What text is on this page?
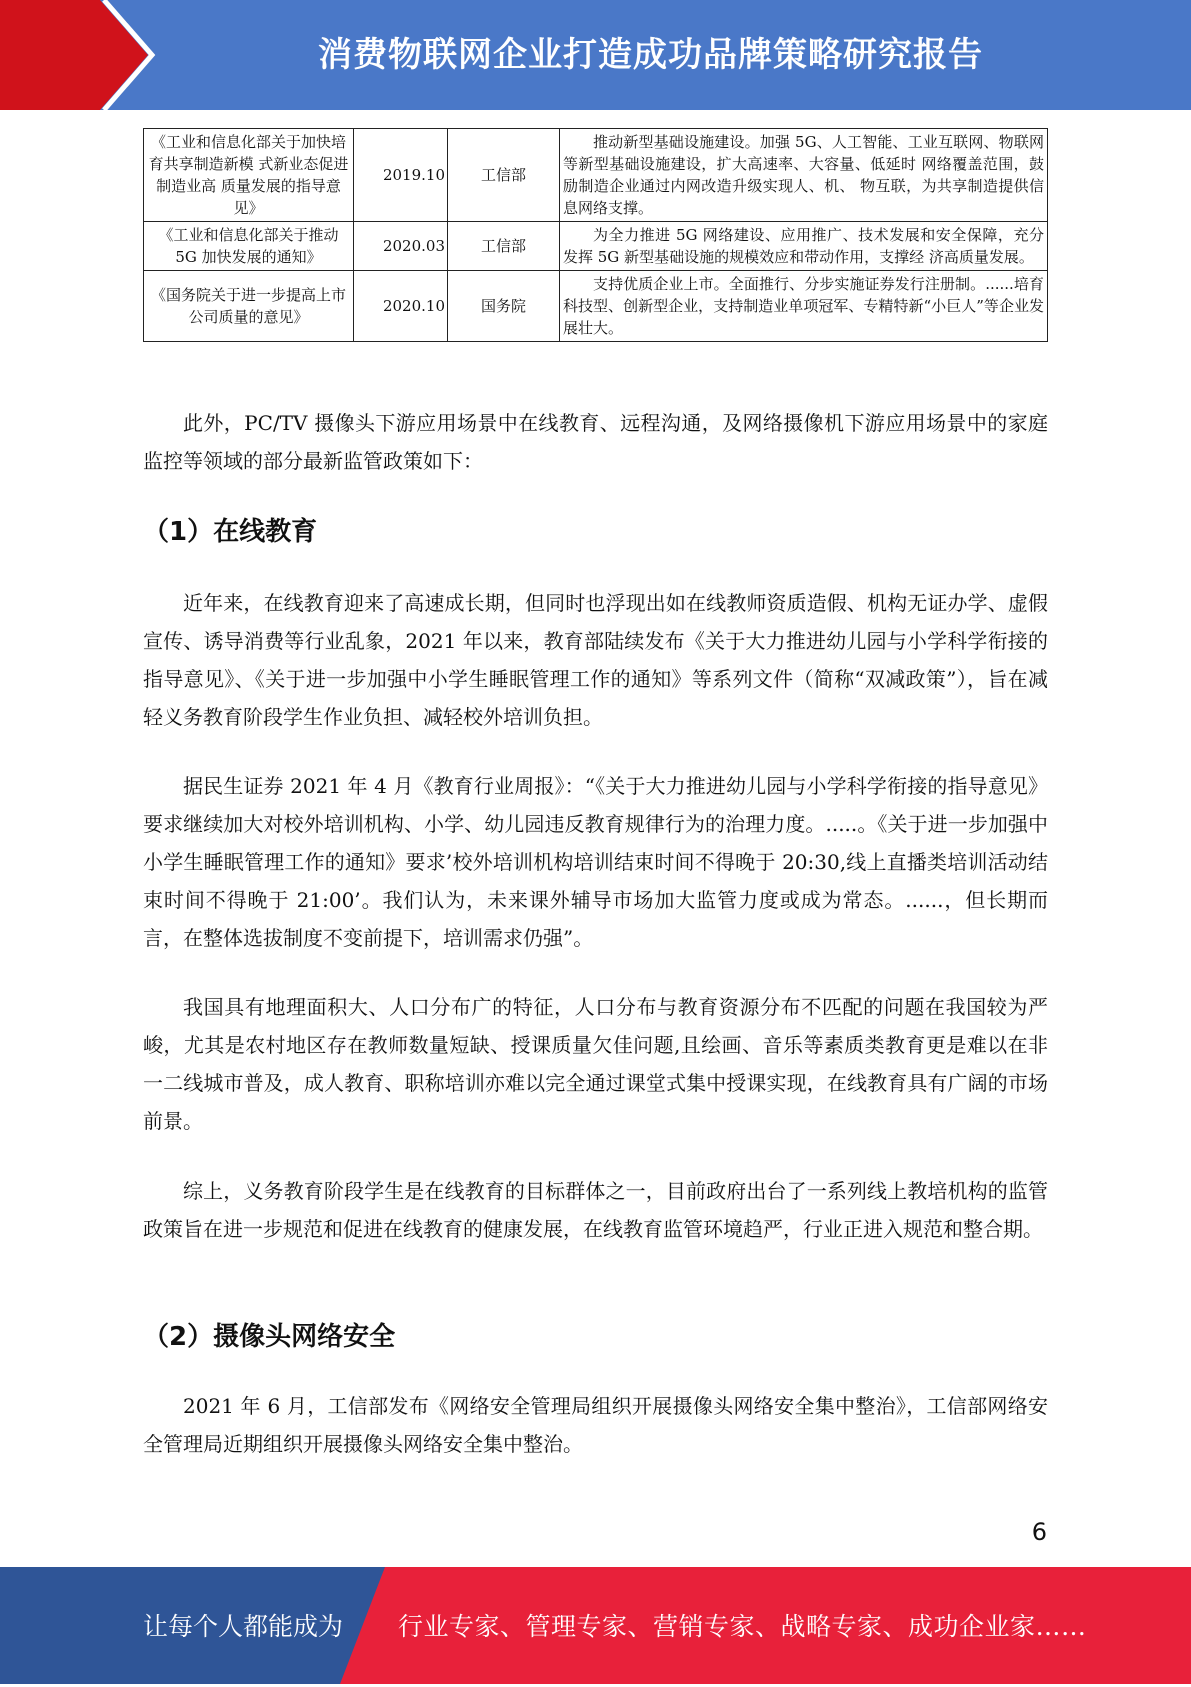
消费物联网企业打造成功品牌策略研究报告
《工业和信息化部关于加快培育共享制造新模 式新业态促进制造业高 质量发展的指导意见》	2019.10	工信部	推动新型基础设施建设。加强 5G、人工智能、工业互联网、物联网等新型基础设施建设，扩大高速率、大容量、低延时 网络覆盖范围，鼓励制造企业通过内网改造升级实现人、机、 物互联，为共享制造提供信息网络支撑。
《工业和信息化部关于推动 5G 加快发展的通知》	2020.03	工信部	为全力推进 5G 网络建设、应用推广、技术发展和安全保障，充分发挥 5G 新型基础设施的规模效应和带动作用，支撑经 济高质量发展。
《国务院关于进一步提高上市公司质量的意见》	2020.10	国务院	支持优质企业上市。全面推行、分步实施证券发行注册制。......培育科技型、创新型企业，支持制造业单项冠军、专精特新“小巨人”等企业发展壮大。

此外，PC/TV 摄像头下游应用场景中在线教育、远程沟通，及网络摄像机下游应用场景中的家庭监控等领域的部分最新监管政策如下：

（1）在线教育

近年来，在线教育迎来了高速成长期，但同时也浮现出如在线教师资质造假、机构无证办学、虚假宣传、诱导消费等行业乱象，2021 年以来，教育部陆续发布《关于大力推进幼儿园与小学科学衔接的指导意见》、《关于进一步加强中小学生睡眠管理工作的通知》等系列文件（简称“双减政策”），旨在减轻义务教育阶段学生作业负担、减轻校外培训负担。

据民生证券 2021 年 4 月《教育行业周报》：“《关于大力推进幼儿园与小学科学衔接的指导意见》要求继续加大对校外培训机构、小学、幼儿园违反教育规律行为的治理力度。.....。《关于进一步加强中小学生睡眠管理工作的通知》要求’校外培训机构培训结束时间不得晚于 20:30,线上直播类培训活动结束时间不得晚于 21:00’。我们认为，未来课外辅导市场加大监管力度或成为常态。......，但长期而言，在整体选拔制度不变前提下，培训需求仍强”。

我国具有地理面积大、人口分布广的特征，人口分布与教育资源分布不匹配的问题在我国较为严峻，尤其是农村地区存在教师数量短缺、授课质量欠佳问题,且绘画、音乐等素质类教育更是难以在非一二线城市普及，成人教育、职称培训亦难以完全通过课堂式集中授课实现，在线教育具有广阔的市场前景。

综上，义务教育阶段学生是在线教育的目标群体之一，目前政府出台了一系列线上教培机构的监管政策旨在进一步规范和促进在线教育的健康发展，在线教育监管环境趋严，行业正进入规范和整合期。

（2）摄像头网络安全

2021 年 6 月，工信部发布《网络安全管理局组织开展摄像头网络安全集中整治》，工信部网络安全管理局近期组织开展摄像头网络安全集中整治。

6
让每个人都能成为 行业专家、管理专家、营销专家、战略专家、成功企业家……
